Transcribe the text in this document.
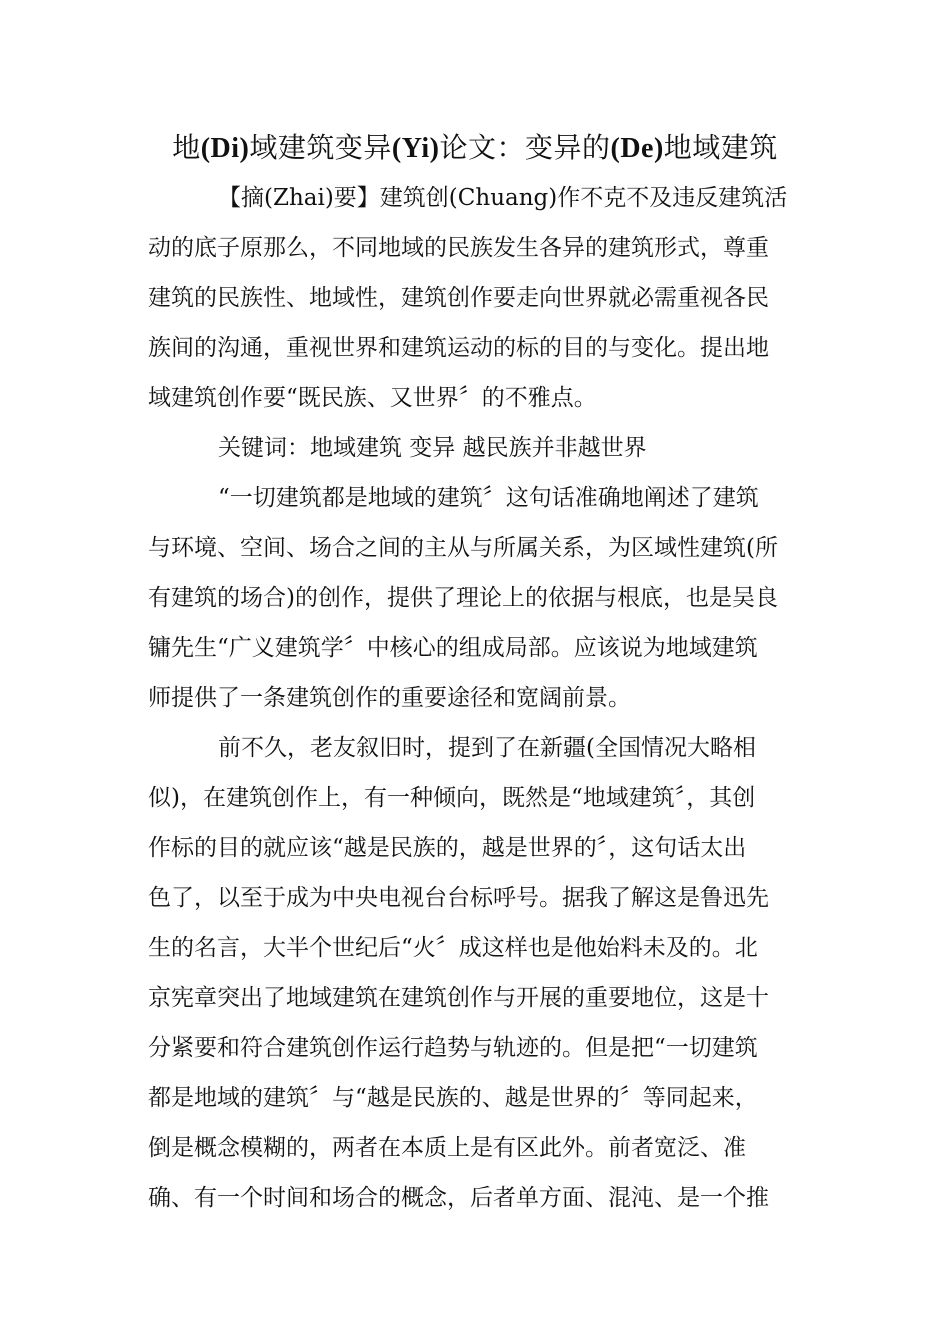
地(Di)域建筑变异(Yi)论文：变异的(De)地域建筑
【摘(Zhai)要】建筑创(Chuang)作不克不及违反建筑活
动的底子原那么，不同地域的民族发生各异的建筑形式，尊重
建筑的民族性、地域性，建筑创作要走向世界就必需重视各民
族间的沟通，重视世界和建筑运动的标的目的与变化。提出地
域建筑创作要“既民族、又世界〞的不雅点。
关键词：地域建筑 变异 越民族并非越世界
“一切建筑都是地域的建筑〞这句话准确地阐述了建筑
与环境、空间、场合之间的主从与所属关系，为区域性建筑(所
有建筑的场合)的创作，提供了理论上的依据与根底，也是吴良
镛先生“广义建筑学〞中核心的组成局部。应该说为地域建筑
师提供了一条建筑创作的重要途径和宽阔前景。
前不久，老友叙旧时，提到了在新疆(全国情况大略相
似)，在建筑创作上，有一种倾向，既然是“地域建筑〞，其创
作标的目的就应该“越是民族的，越是世界的〞，这句话太出
色了，以至于成为中央电视台台标呼号。据我了解这是鲁迅先
生的名言，大半个世纪后“火〞成这样也是他始料未及的。北
京宪章突出了地域建筑在建筑创作与开展的重要地位，这是十
分紧要和符合建筑创作运行趋势与轨迹的。但是把“一切建筑
都是地域的建筑〞与“越是民族的、越是世界的〞等同起来，
倒是概念模糊的，两者在本质上是有区此外。前者宽泛、准
确、有一个时间和场合的概念，后者单方面、混沌、是一个推
